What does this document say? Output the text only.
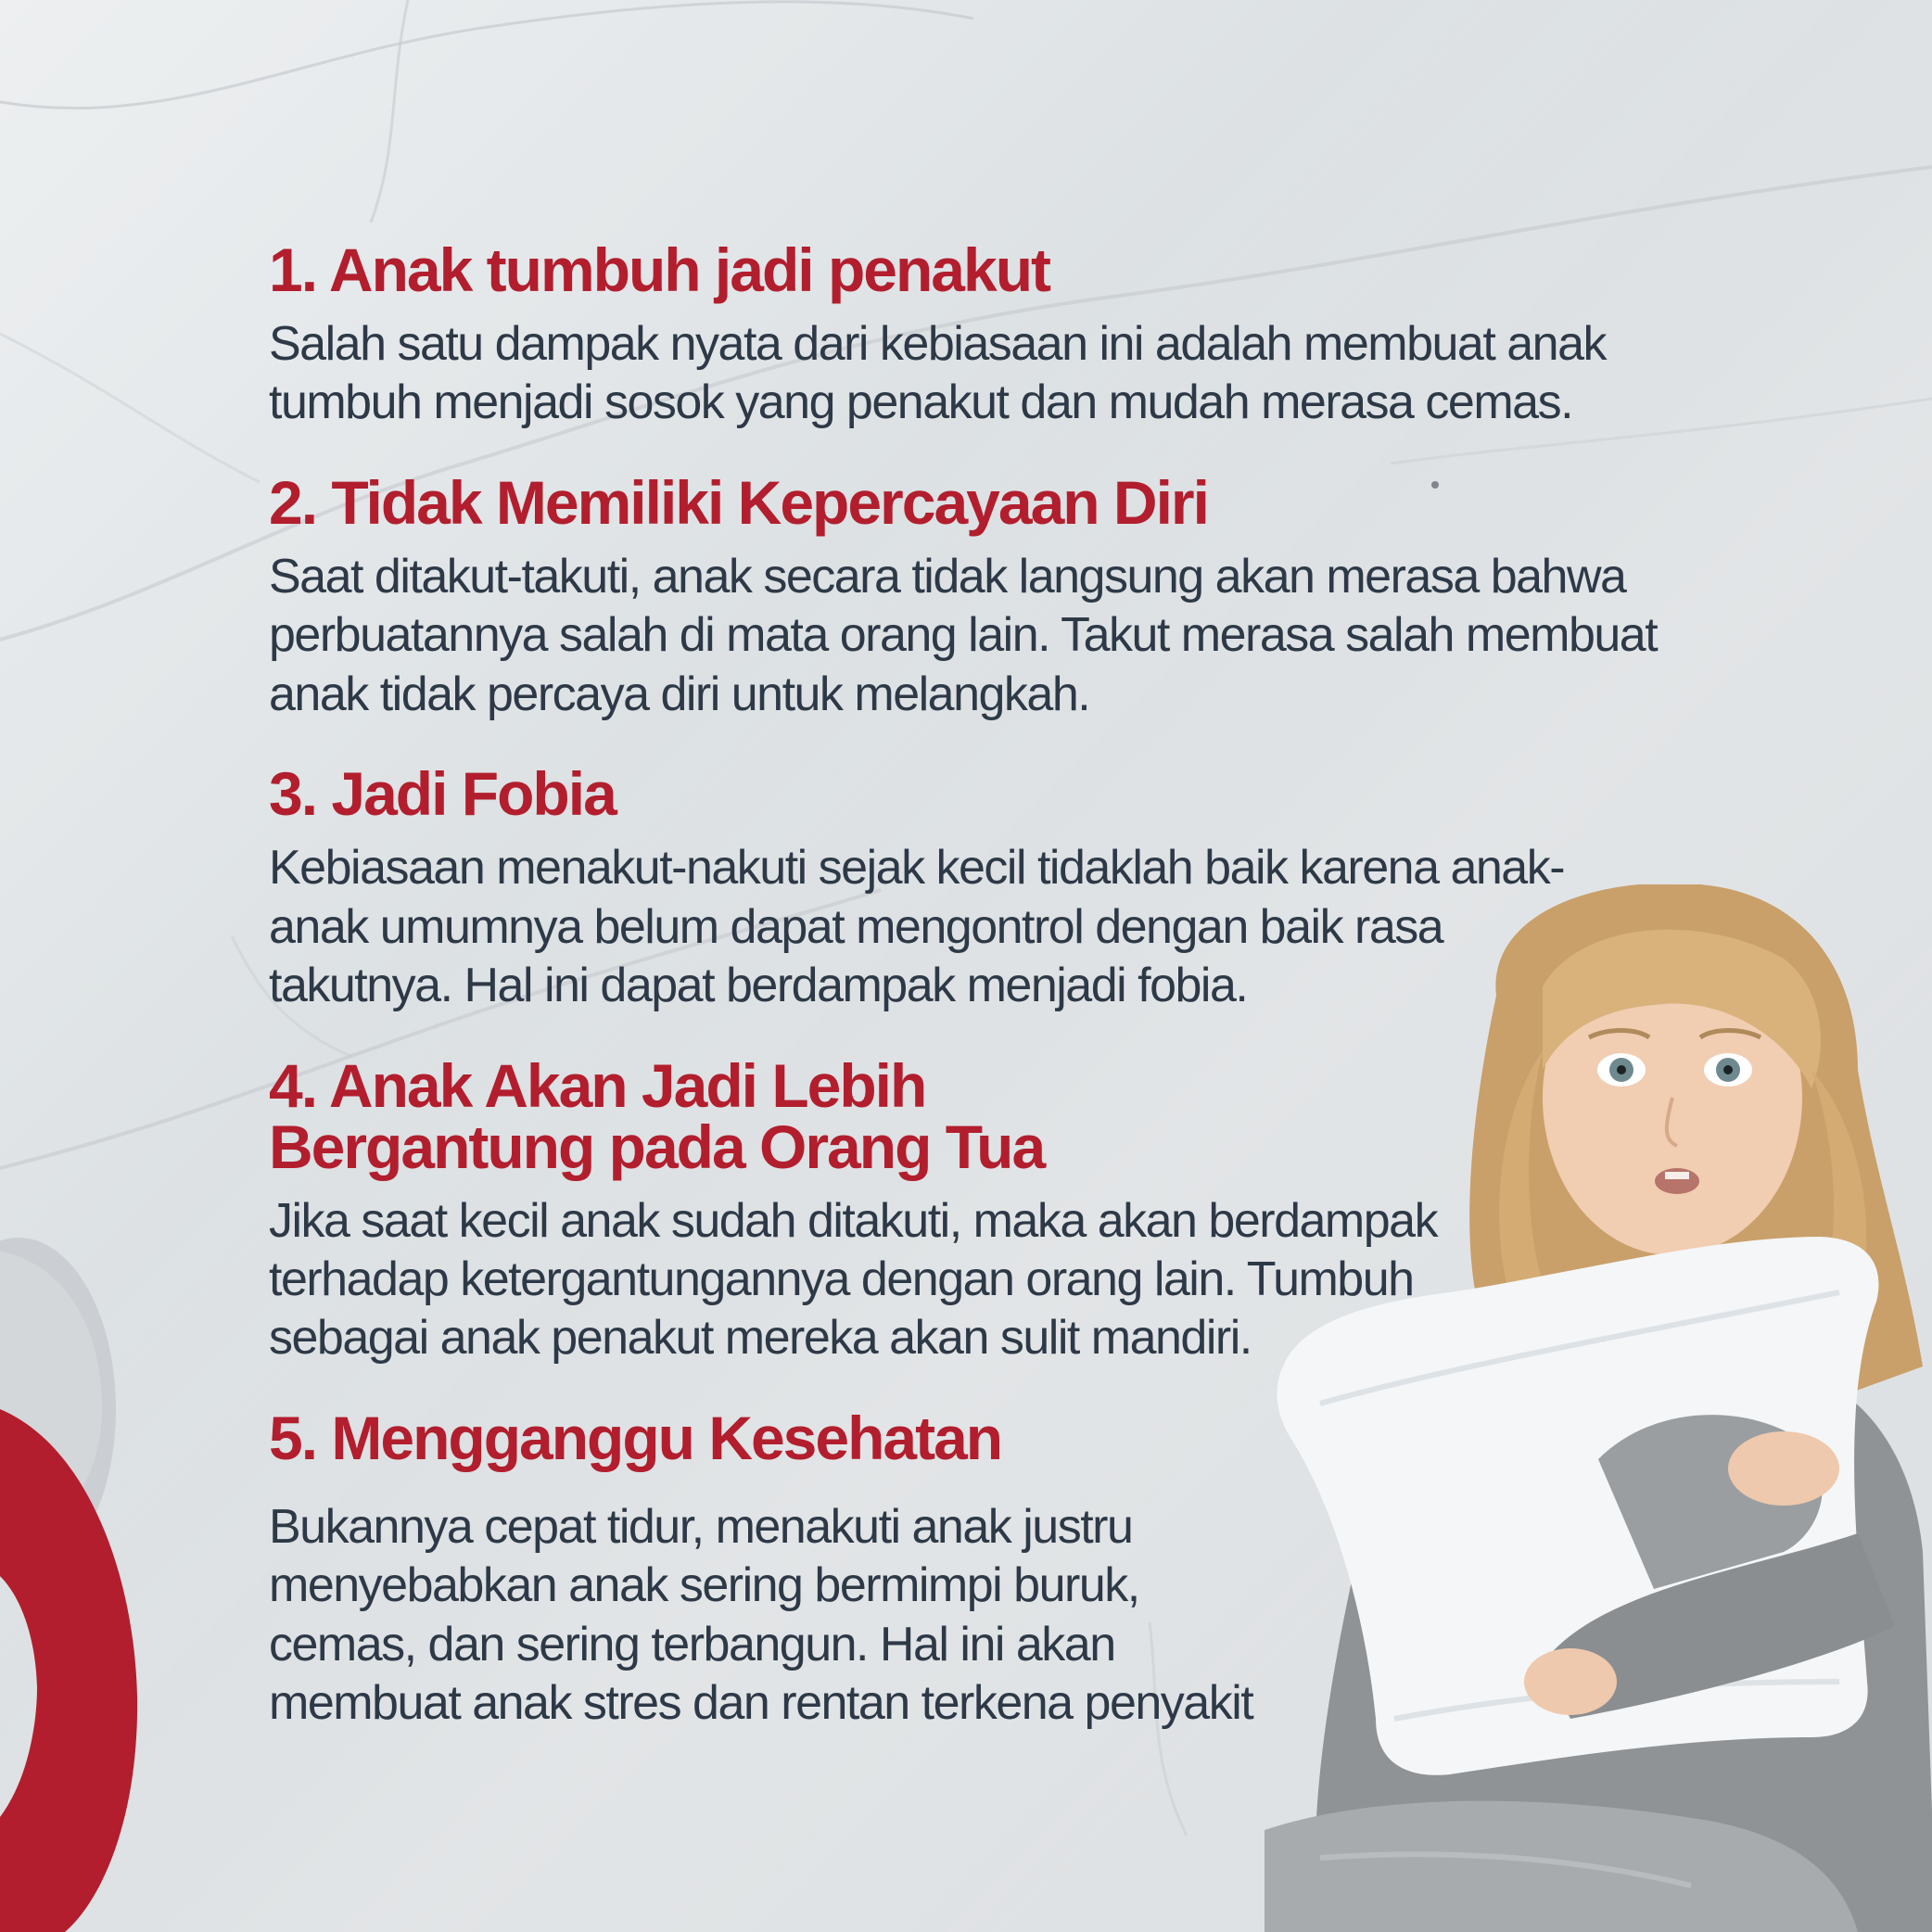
1. Anak tumbuh jadi penakut

Salah satu dampak nyata dari kebiasaan ini adalah membuat anak tumbuh menjadi sosok yang penakut dan mudah merasa cemas.

2. Tidak Memiliki Kepercayaan Diri

Saat ditakut-takuti, anak secara tidak langsung akan merasa bahwa perbuatannya salah di mata orang lain. Takut merasa salah membuat anak tidak percaya diri untuk melangkah.

3. Jadi Fobia

Kebiasaan menakut-nakuti sejak kecil tidaklah baik karena anak-anak umumnya belum dapat mengontrol dengan baik rasa takutnya. Hal ini dapat berdampak menjadi fobia.

4. Anak Akan Jadi Lebih Bergantung pada Orang Tua

Jika saat kecil anak sudah ditakuti, maka akan berdampak terhadap ketergantungannya dengan orang lain. Tumbuh sebagai anak penakut mereka akan sulit mandiri.

5. Mengganggu Kesehatan

Bukannya cepat tidur, menakuti anak justru menyebabkan anak sering bermimpi buruk, cemas, dan sering terbangun. Hal ini akan membuat anak stres dan rentan terkena penyakit
